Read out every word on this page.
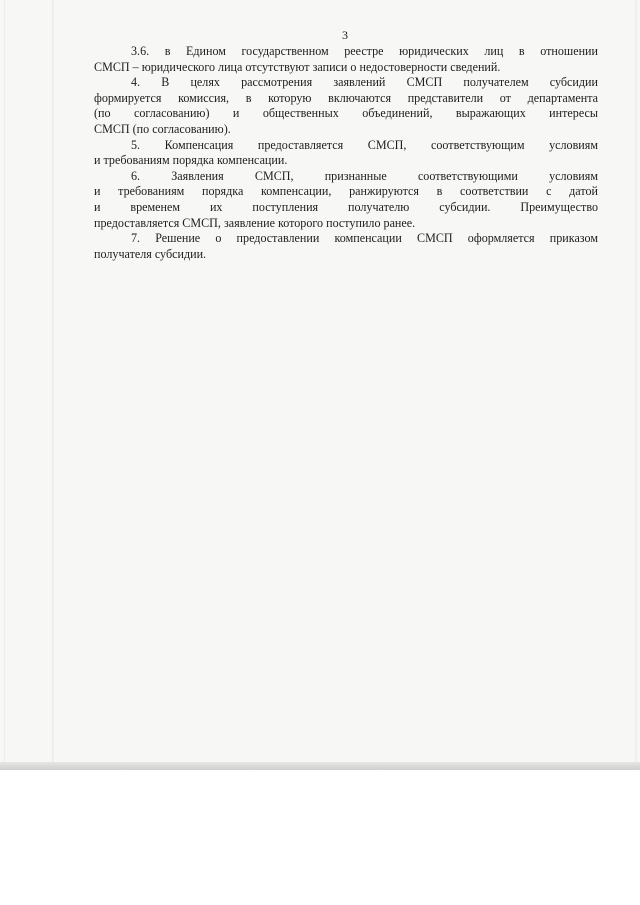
3

3.6. в Едином государственном реестре юридических лиц в отношении
СМСП – юридического лица отсутствуют записи о недостоверности сведений.

4. В целях рассмотрения заявлений СМСП получателем субсидии
формируется комиссия, в которую включаются представители от департамента
(по согласованию) и общественных объединений, выражающих интересы
СМСП (по согласованию).

5. Компенсация предоставляется СМСП, соответствующим условиям
и требованиям порядка компенсации.

6. Заявления СМСП, признанные соответствующими условиям
и требованиям порядка компенсации, ранжируются в соответствии с датой
и временем их поступления получателю субсидии. Преимущество
предоставляется СМСП, заявление которого поступило ранее.

7. Решение о предоставлении компенсации СМСП оформляется приказом
получателя субсидии.
